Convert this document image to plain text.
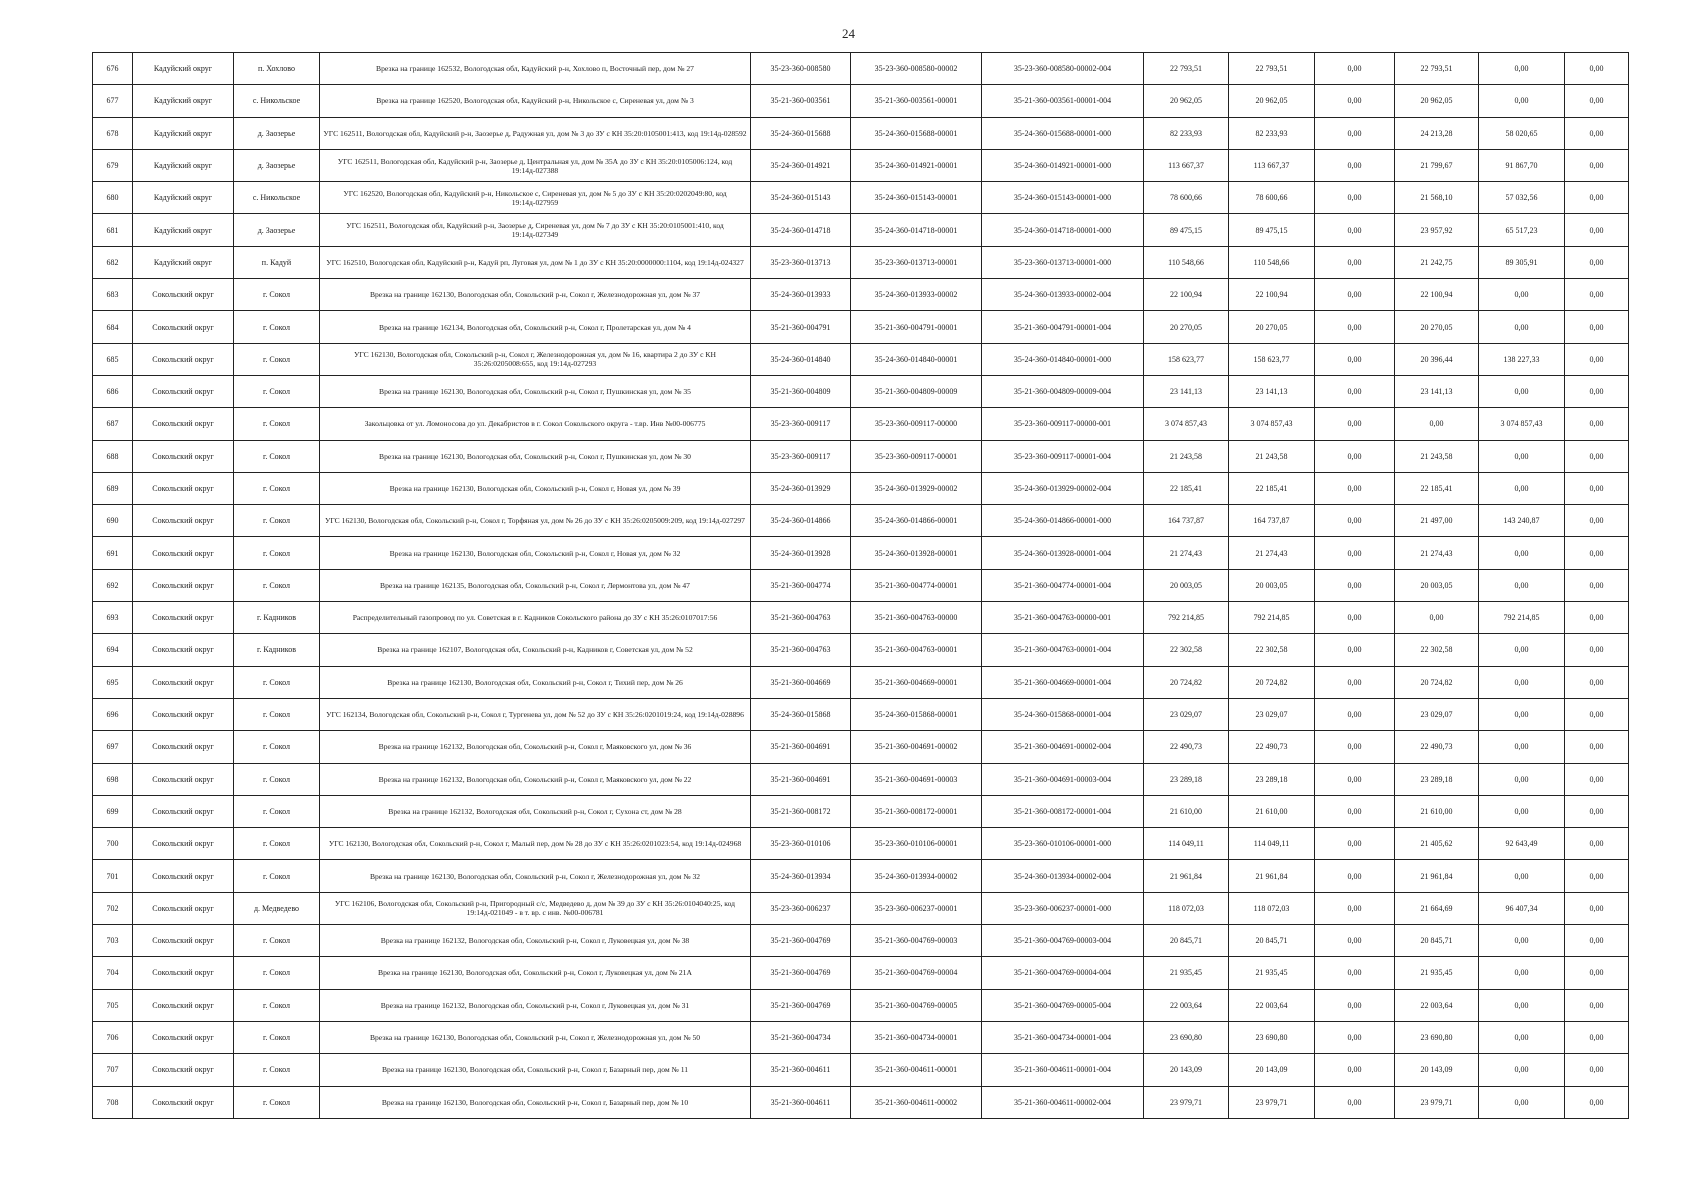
24
676	Кадуйский округ	п. Хохлово	Врезка на границе 162532, Вологодская обл, Кадуйский р-н, Хохлово п, Восточный пер, дом № 27	35-23-360-008580	35-23-360-008580-00002	35-23-360-008580-00002-004	22 793,51	22 793,51	0,00	22 793,51	0,00	0,00
677	Кадуйский округ	с. Никольское	Врезка на границе 162520, Вологодская обл, Кадуйский р-н, Никольское с, Сиреневая ул, дом № 3	35-21-360-003561	35-21-360-003561-00001	35-21-360-003561-00001-004	20 962,05	20 962,05	0,00	20 962,05	0,00	0,00
678	Кадуйский округ	д. Заозерье	УГС 162511, Вологодская обл, Кадуйский р-н, Заозерье д, Радужная ул, дом № 3 до ЗУ с КН 35:20:0105001:413, код 19:14д-028592	35-24-360-015688	35-24-360-015688-00001	35-24-360-015688-00001-000	82 233,93	82 233,93	0,00	24 213,28	58 020,65	0,00
679	Кадуйский округ	д. Заозерье	УГС 162511, Вологодская обл, Кадуйский р-н, Заозерье д, Центральная ул, дом № 35А до ЗУ с КН 35:20:0105006:124, код 19:14д-027388	35-24-360-014921	35-24-360-014921-00001	35-24-360-014921-00001-000	113 667,37	113 667,37	0,00	21 799,67	91 867,70	0,00
680	Кадуйский округ	с. Никольское	УГС 162520, Вологодская обл, Кадуйский р-н, Никольское с, Сиреневая ул, дом № 5 до ЗУ с КН 35:20:0202049:80, код 19:14д-027959	35-24-360-015143	35-24-360-015143-00001	35-24-360-015143-00001-000	78 600,66	78 600,66	0,00	21 568,10	57 032,56	0,00
681	Кадуйский округ	д. Заозерье	УГС 162511, Вологодская обл, Кадуйский р-н, Заозерье д, Сиреневая ул, дом № 7 до ЗУ с КН 35:20:0105001:410, код 19:14д-027349	35-24-360-014718	35-24-360-014718-00001	35-24-360-014718-00001-000	89 475,15	89 475,15	0,00	23 957,92	65 517,23	0,00
682	Кадуйский округ	п. Кадуй	УГС 162510, Вологодская обл, Кадуйский р-н, Кадуй рп, Луговая ул, дом № 1 до ЗУ с КН 35:20:0000000:1104, код 19:14д-024327	35-23-360-013713	35-23-360-013713-00001	35-23-360-013713-00001-000	110 548,66	110 548,66	0,00	21 242,75	89 305,91	0,00
683	Сокольский округ	г. Сокол	Врезка на границе 162130, Вологодская обл, Сокольский р-н, Сокол г, Железнодорожная ул, дом № 37	35-24-360-013933	35-24-360-013933-00002	35-24-360-013933-00002-004	22 100,94	22 100,94	0,00	22 100,94	0,00	0,00
684	Сокольский округ	г. Сокол	Врезка на границе 162134, Вологодская обл, Сокольский р-н, Сокол г, Пролетарская ул, дом № 4	35-21-360-004791	35-21-360-004791-00001	35-21-360-004791-00001-004	20 270,05	20 270,05	0,00	20 270,05	0,00	0,00
685	Сокольский округ	г. Сокол	УГС 162130, Вологодская обл, Сокольский р-н, Сокол г, Железнодорожная ул, дом № 16, квартира 2 до ЗУ с КН 35:26:0205008:655, код 19:14д-027293	35-24-360-014840	35-24-360-014840-00001	35-24-360-014840-00001-000	158 623,77	158 623,77	0,00	20 396,44	138 227,33	0,00
686	Сокольский округ	г. Сокол	Врезка на границе 162130, Вологодская обл, Сокольский р-н, Сокол г, Пушкинская ул, дом № 35	35-21-360-004809	35-21-360-004809-00009	35-21-360-004809-00009-004	23 141,13	23 141,13	0,00	23 141,13	0,00	0,00
687	Сокольский округ	г. Сокол	Закольцовка от ул. Ломоносова до ул. Декабристов в г. Сокол Сокольского округа - т.вр. Инв №00-006775	35-23-360-009117	35-23-360-009117-00000	35-23-360-009117-00000-001	3 074 857,43	3 074 857,43	0,00	0,00	3 074 857,43	0,00
688	Сокольский округ	г. Сокол	Врезка на границе 162130, Вологодская обл, Сокольский р-н, Сокол г, Пушкинская ул, дом № 30	35-23-360-009117	35-23-360-009117-00001	35-23-360-009117-00001-004	21 243,58	21 243,58	0,00	21 243,58	0,00	0,00
689	Сокольский округ	г. Сокол	Врезка на границе 162130, Вологодская обл, Сокольский р-н, Сокол г, Новая ул, дом № 39	35-24-360-013929	35-24-360-013929-00002	35-24-360-013929-00002-004	22 185,41	22 185,41	0,00	22 185,41	0,00	0,00
690	Сокольский округ	г. Сокол	УГС 162130, Вологодская обл, Сокольский р-н, Сокол г, Торфяная ул, дом № 26 до ЗУ с КН 35:26:0205009:209, код 19:14д-027297	35-24-360-014866	35-24-360-014866-00001	35-24-360-014866-00001-000	164 737,87	164 737,87	0,00	21 497,00	143 240,87	0,00
691	Сокольский округ	г. Сокол	Врезка на границе 162130, Вологодская обл, Сокольский р-н, Сокол г, Новая ул, дом № 32	35-24-360-013928	35-24-360-013928-00001	35-24-360-013928-00001-004	21 274,43	21 274,43	0,00	21 274,43	0,00	0,00
692	Сокольский округ	г. Сокол	Врезка на границе 162135, Вологодская обл, Сокольский р-н, Сокол г, Лермонтова ул, дом № 47	35-21-360-004774	35-21-360-004774-00001	35-21-360-004774-00001-004	20 003,05	20 003,05	0,00	20 003,05	0,00	0,00
693	Сокольский округ	г. Кадников	Распределительный газопровод по ул. Советская в г. Кадников Сокольского района до ЗУ с КН 35:26:0107017:56	35-21-360-004763	35-21-360-004763-00000	35-21-360-004763-00000-001	792 214,85	792 214,85	0,00	0,00	792 214,85	0,00
694	Сокольский округ	г. Кадников	Врезка на границе 162107, Вологодская обл, Сокольский р-н, Кадников г, Советская ул, дом № 52	35-21-360-004763	35-21-360-004763-00001	35-21-360-004763-00001-004	22 302,58	22 302,58	0,00	22 302,58	0,00	0,00
695	Сокольский округ	г. Сокол	Врезка на границе 162130, Вологодская обл, Сокольский р-н, Сокол г, Тихий пер, дом № 26	35-21-360-004669	35-21-360-004669-00001	35-21-360-004669-00001-004	20 724,82	20 724,82	0,00	20 724,82	0,00	0,00
696	Сокольский округ	г. Сокол	УГС 162134, Вологодская обл, Сокольский р-н, Сокол г, Тургенева ул, дом № 52 до ЗУ с КН 35:26:0201019:24, код 19:14д-028896	35-24-360-015868	35-24-360-015868-00001	35-24-360-015868-00001-004	23 029,07	23 029,07	0,00	23 029,07	0,00	0,00
697	Сокольский округ	г. Сокол	Врезка на границе 162132, Вологодская обл, Сокольский р-н, Сокол г, Маяковского ул, дом № 36	35-21-360-004691	35-21-360-004691-00002	35-21-360-004691-00002-004	22 490,73	22 490,73	0,00	22 490,73	0,00	0,00
698	Сокольский округ	г. Сокол	Врезка на границе 162132, Вологодская обл, Сокольский р-н, Сокол г, Маяковского ул, дом № 22	35-21-360-004691	35-21-360-004691-00003	35-21-360-004691-00003-004	23 289,18	23 289,18	0,00	23 289,18	0,00	0,00
699	Сокольский округ	г. Сокол	Врезка на границе 162132, Вологодская обл, Сокольский р-н, Сокол г, Сухона ст, дом № 28	35-21-360-008172	35-21-360-008172-00001	35-21-360-008172-00001-004	21 610,00	21 610,00	0,00	21 610,00	0,00	0,00
700	Сокольский округ	г. Сокол	УГС 162130, Вологодская обл, Сокольский р-н, Сокол г, Малый пер, дом № 28 до ЗУ с КН 35:26:0201023:54, код 19:14д-024968	35-23-360-010106	35-23-360-010106-00001	35-23-360-010106-00001-000	114 049,11	114 049,11	0,00	21 405,62	92 643,49	0,00
701	Сокольский округ	г. Сокол	Врезка на границе 162130, Вологодская обл, Сокольский р-н, Сокол г, Железнодорожная ул, дом № 32	35-24-360-013934	35-24-360-013934-00002	35-24-360-013934-00002-004	21 961,84	21 961,84	0,00	21 961,84	0,00	0,00
702	Сокольский округ	д. Медведево	УГС 162106, Вологодская обл, Сокольский р-н, Пригородный с/с, Медведево д, дом № 39 до ЗУ с КН 35:26:0104040:25, код 19:14д-021049 - в т. вр. с инв. №00-006781	35-23-360-006237	35-23-360-006237-00001	35-23-360-006237-00001-000	118 072,03	118 072,03	0,00	21 664,69	96 407,34	0,00
703	Сокольский округ	г. Сокол	Врезка на границе 162132, Вологодская обл, Сокольский р-н, Сокол г, Луковецкая ул, дом № 38	35-21-360-004769	35-21-360-004769-00003	35-21-360-004769-00003-004	20 845,71	20 845,71	0,00	20 845,71	0,00	0,00
704	Сокольский округ	г. Сокол	Врезка на границе 162130, Вологодская обл, Сокольский р-н, Сокол г, Луковецкая ул, дом № 21А	35-21-360-004769	35-21-360-004769-00004	35-21-360-004769-00004-004	21 935,45	21 935,45	0,00	21 935,45	0,00	0,00
705	Сокольский округ	г. Сокол	Врезка на границе 162132, Вологодская обл, Сокольский р-н, Сокол г, Луковецкая ул, дом № 31	35-21-360-004769	35-21-360-004769-00005	35-21-360-004769-00005-004	22 003,64	22 003,64	0,00	22 003,64	0,00	0,00
706	Сокольский округ	г. Сокол	Врезка на границе 162130, Вологодская обл, Сокольский р-н, Сокол г, Железнодорожная ул, дом № 50	35-21-360-004734	35-21-360-004734-00001	35-21-360-004734-00001-004	23 690,80	23 690,80	0,00	23 690,80	0,00	0,00
707	Сокольский округ	г. Сокол	Врезка на границе 162130, Вологодская обл, Сокольский р-н, Сокол г, Базарный пер, дом № 11	35-21-360-004611	35-21-360-004611-00001	35-21-360-004611-00001-004	20 143,09	20 143,09	0,00	20 143,09	0,00	0,00
708	Сокольский округ	г. Сокол	Врезка на границе 162130, Вологодская обл, Сокольский р-н, Сокол г, Базарный пер, дом № 10	35-21-360-004611	35-21-360-004611-00002	35-21-360-004611-00002-004	23 979,71	23 979,71	0,00	23 979,71	0,00	0,00
